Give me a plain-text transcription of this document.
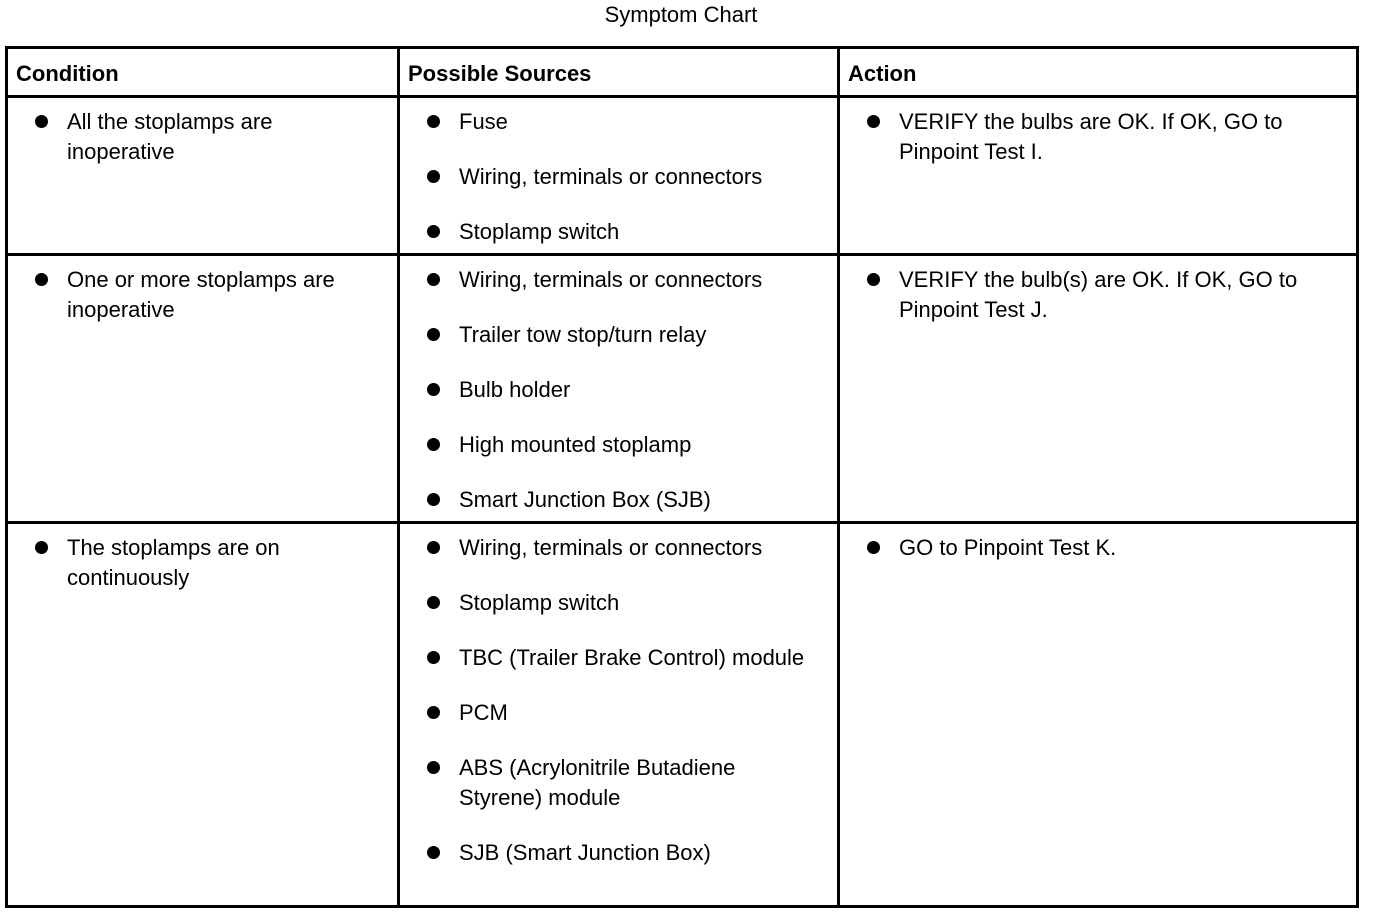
Symptom Chart
Condition	Possible Sources	Action
All the stoplamps are inoperative
Fuse
Wiring, terminals or connectors
Stoplamp switch
VERIFY the bulbs are OK. If OK, GO to Pinpoint Test I.
One or more stoplamps are inoperative
Wiring, terminals or connectors
Trailer tow stop/turn relay
Bulb holder
High mounted stoplamp
Smart Junction Box (SJB)
VERIFY the bulb(s) are OK. If OK, GO to Pinpoint Test J.
The stoplamps are on continuously
Wiring, terminals or connectors
Stoplamp switch
TBC (Trailer Brake Control) module
PCM
ABS (Acrylonitrile Butadiene Styrene) module
SJB (Smart Junction Box)
GO to Pinpoint Test K.
